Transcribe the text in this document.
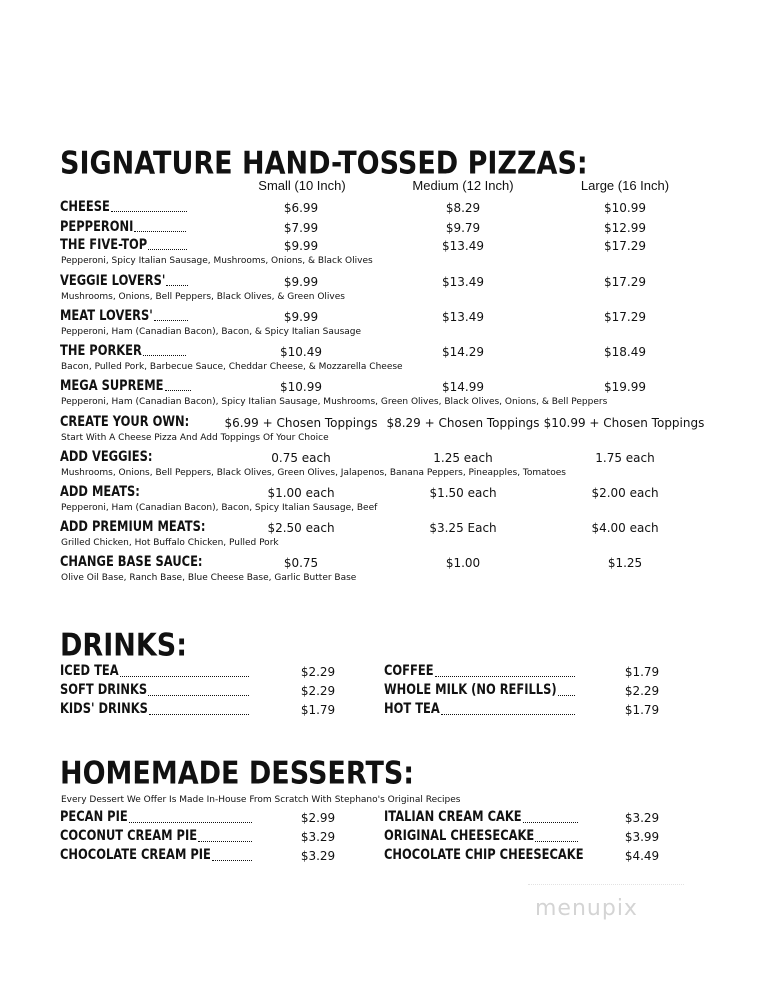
SIGNATURE HAND-TOSSED PIZZAS:
Small (10 Inch)	Medium (12 Inch)	Large (16 Inch)
CHEESE	$6.99	$8.29	$10.99
PEPPERONI	$7.99	$9.79	$12.99
THE FIVE-TOP	$9.99	$13.49	$17.29
Pepperoni, Spicy Italian Sausage, Mushrooms, Onions, & Black Olives
VEGGIE LOVERS'	$9.99	$13.49	$17.29
Mushrooms, Onions, Bell Peppers, Black Olives, & Green Olives
MEAT LOVERS'	$9.99	$13.49	$17.29
Pepperoni, Ham (Canadian Bacon), Bacon, & Spicy Italian Sausage
THE PORKER	$10.49	$14.29	$18.49
Bacon, Pulled Pork, Barbecue Sauce, Cheddar Cheese, & Mozzarella Cheese
MEGA SUPREME	$10.99	$14.99	$19.99
Pepperoni, Ham (Canadian Bacon), Spicy Italian Sausage, Mushrooms, Green Olives, Black Olives, Onions, & Bell Peppers
CREATE YOUR OWN:	$6.99 + Chosen Toppings $8.29 + Chosen Toppings $10.99 + Chosen Toppings
Start With A Cheese Pizza And Add Toppings Of Your Choice
ADD VEGGIES:	0.75 each	1.25 each	1.75 each
Mushrooms, Onions, Bell Peppers, Black Olives, Green Olives, Jalapenos, Banana Peppers, Pineapples, Tomatoes
ADD MEATS:	$1.00 each	$1.50 each	$2.00 each
Pepperoni, Ham (Canadian Bacon), Bacon, Spicy Italian Sausage, Beef
ADD PREMIUM MEATS:	$2.50 each	$3.25 Each	$4.00 each
Grilled Chicken, Hot Buffalo Chicken, Pulled Pork
CHANGE BASE SAUCE:	$0.75	$1.00	$1.25
Olive Oil Base, Ranch Base, Blue Cheese Base, Garlic Butter Base
DRINKS:
ICED TEA	$2.29
SOFT DRINKS	$2.29
KIDS' DRINKS	$1.79
COFFEE	$1.79
WHOLE MILK (NO REFILLS)	$2.29
HOT TEA	$1.79
HOMEMADE DESSERTS:
Every Dessert We Offer Is Made In-House From Scratch With Stephano's Original Recipes
PECAN PIE	$2.99
COCONUT CREAM PIE	$3.29
CHOCOLATE CREAM PIE	$3.29
ITALIAN CREAM CAKE	$3.29
ORIGINAL CHEESECAKE	$3.99
CHOCOLATE CHIP CHEESECAKE	$4.49
menupix
